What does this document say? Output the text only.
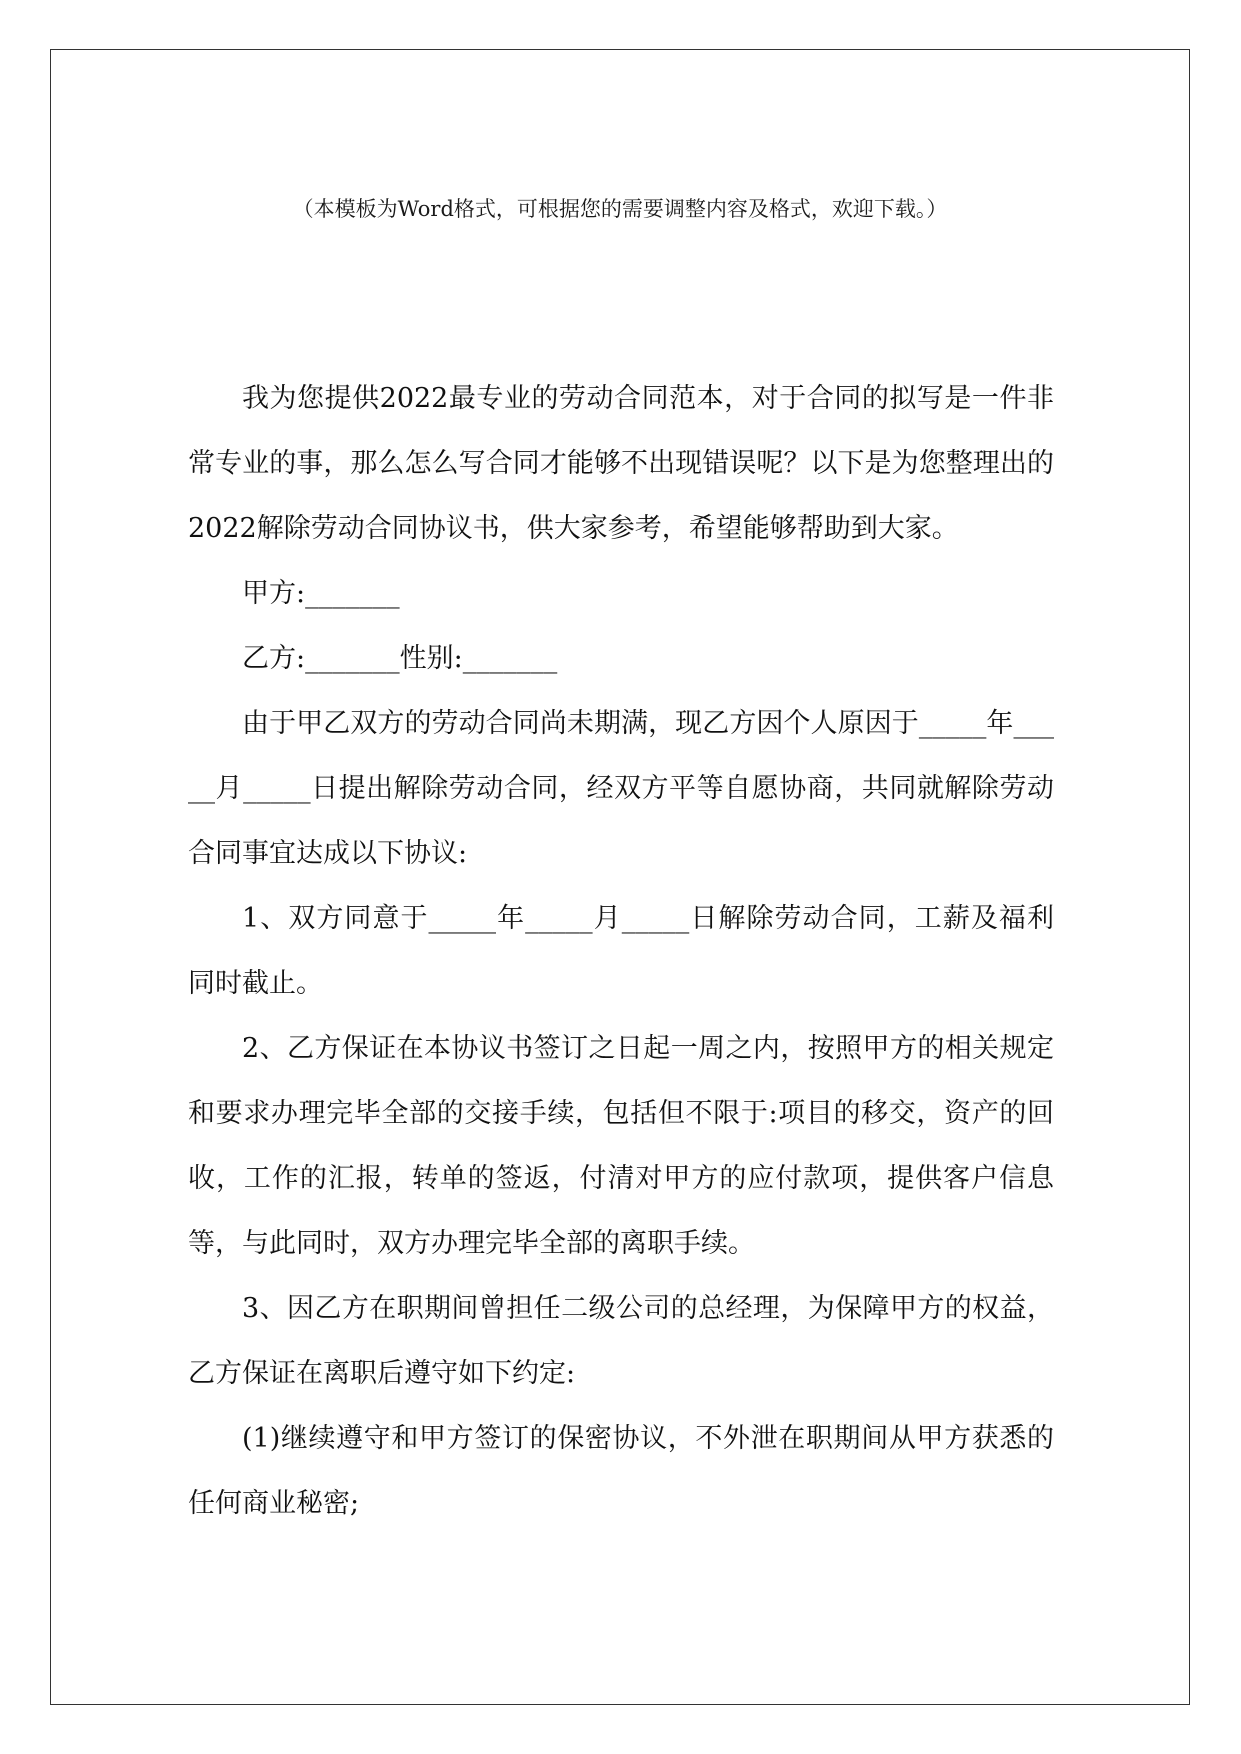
（本模板为Word格式，可根据您的需要调整内容及格式，欢迎下载。）

我为您提供2022最专业的劳动合同范本，对于合同的拟写是一件非常专业的事，那么怎么写合同才能够不出现错误呢？以下是为您整理出的2022解除劳动合同协议书，供大家参考，希望能够帮助到大家。

甲方:_______

乙方:_______性别:_______

由于甲乙双方的劳动合同尚未期满，现乙方因个人原因于_____年_____月_____日提出解除劳动合同，经双方平等自愿协商，共同就解除劳动合同事宜达成以下协议:

1、双方同意于_____年_____月_____日解除劳动合同，工薪及福利同时截止。

2、乙方保证在本协议书签订之日起一周之内，按照甲方的相关规定和要求办理完毕全部的交接手续，包括但不限于:项目的移交，资产的回收，工作的汇报，转单的签返，付清对甲方的应付款项，提供客户信息等，与此同时，双方办理完毕全部的离职手续。

3、因乙方在职期间曾担任二级公司的总经理，为保障甲方的权益，乙方保证在离职后遵守如下约定:

(1)继续遵守和甲方签订的保密协议，不外泄在职期间从甲方获悉的任何商业秘密;
